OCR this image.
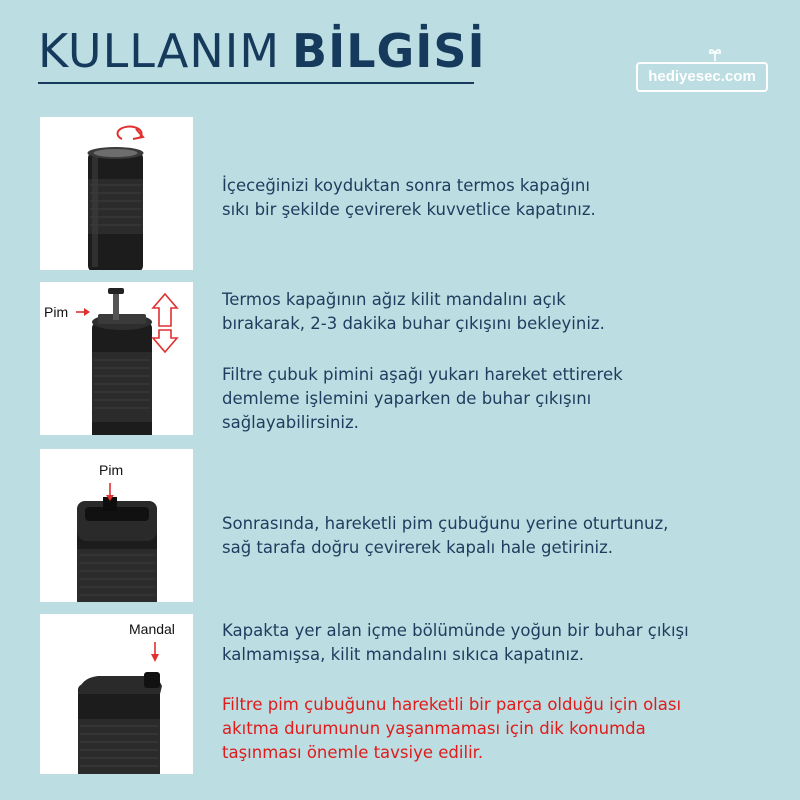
KULLANIM BİLGİSİ	hediyesec.com
Pim
Pim
Mandal

İçeceğinizi koyduktan sonra termos kapağını

sıkı bir şekilde çevirerek kuvvetlice kapatınız.

Termos kapağının ağız kilit mandalını açık

bırakarak, 2-3 dakika buhar çıkışını bekleyiniz.

Filtre çubuk pimini aşağı yukarı hareket ettirerek

demleme işlemini yaparken de buhar çıkışını

sağlayabilirsiniz.

Sonrasında, hareketli pim çubuğunu yerine oturtunuz,

sağ tarafa doğru çevirerek kapalı hale getiriniz.

Kapakta yer alan içme bölümünde yoğun bir buhar çıkışı

kalmamışsa, kilit mandalını sıkıca kapatınız.

Filtre pim çubuğunu hareketli bir parça olduğu için olası

akıtma durumunun yaşanmaması için dik konumda

taşınması önemle tavsiye edilir.
